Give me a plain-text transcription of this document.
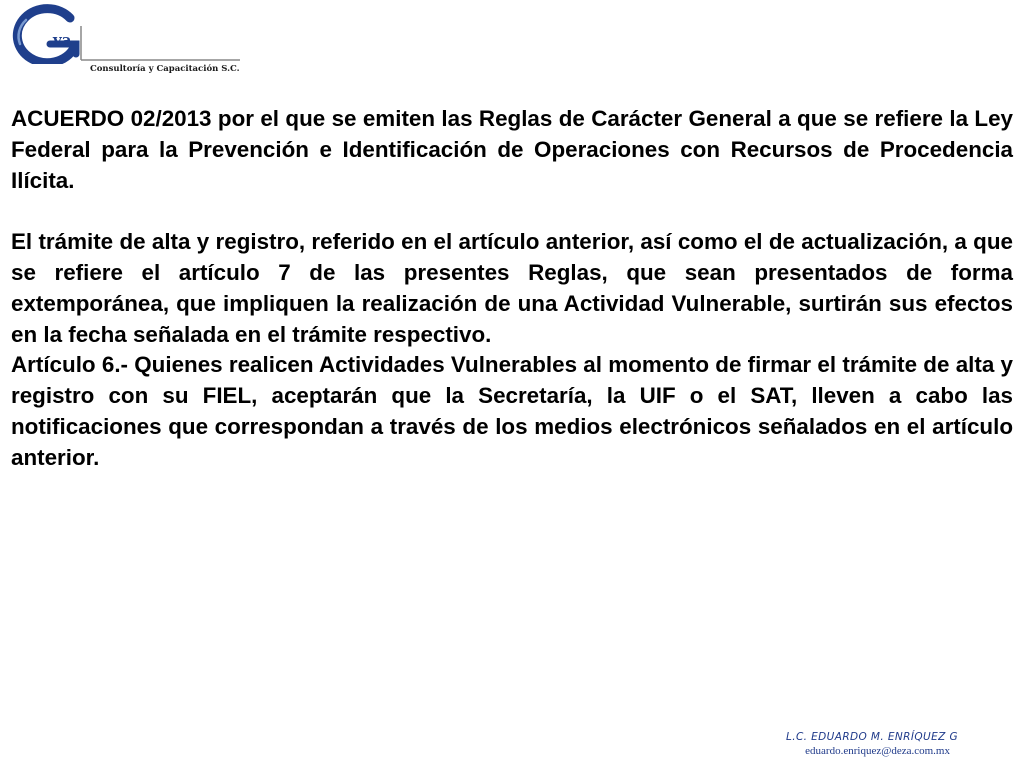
va
Consultoría y Capacitación S.C.

ACUERDO 02/2013 por el que se emiten las Reglas de Carácter General a que se refiere la Ley Federal para la Prevención e Identificación de Operaciones con Recursos de Procedencia Ilícita.

El trámite de alta y registro, referido en el artículo anterior, así como el de actualización, a que se refiere el artículo 7 de las presentes Reglas, que sean presentados de forma extemporánea, que impliquen la realización de una Actividad Vulnerable, surtirán sus efectos en la fecha señalada en el trámite respectivo.

Artículo 6.- Quienes realicen Actividades Vulnerables al momento de firmar el trámite de alta y registro con su FIEL, aceptarán que la Secretaría, la UIF o el SAT, lleven a cabo las notificaciones que correspondan a través de los medios electrónicos señalados en el artículo anterior.

L.C. EDUARDO M. ENRÍQUEZ G
eduardo.enriquez@deza.com.mx
